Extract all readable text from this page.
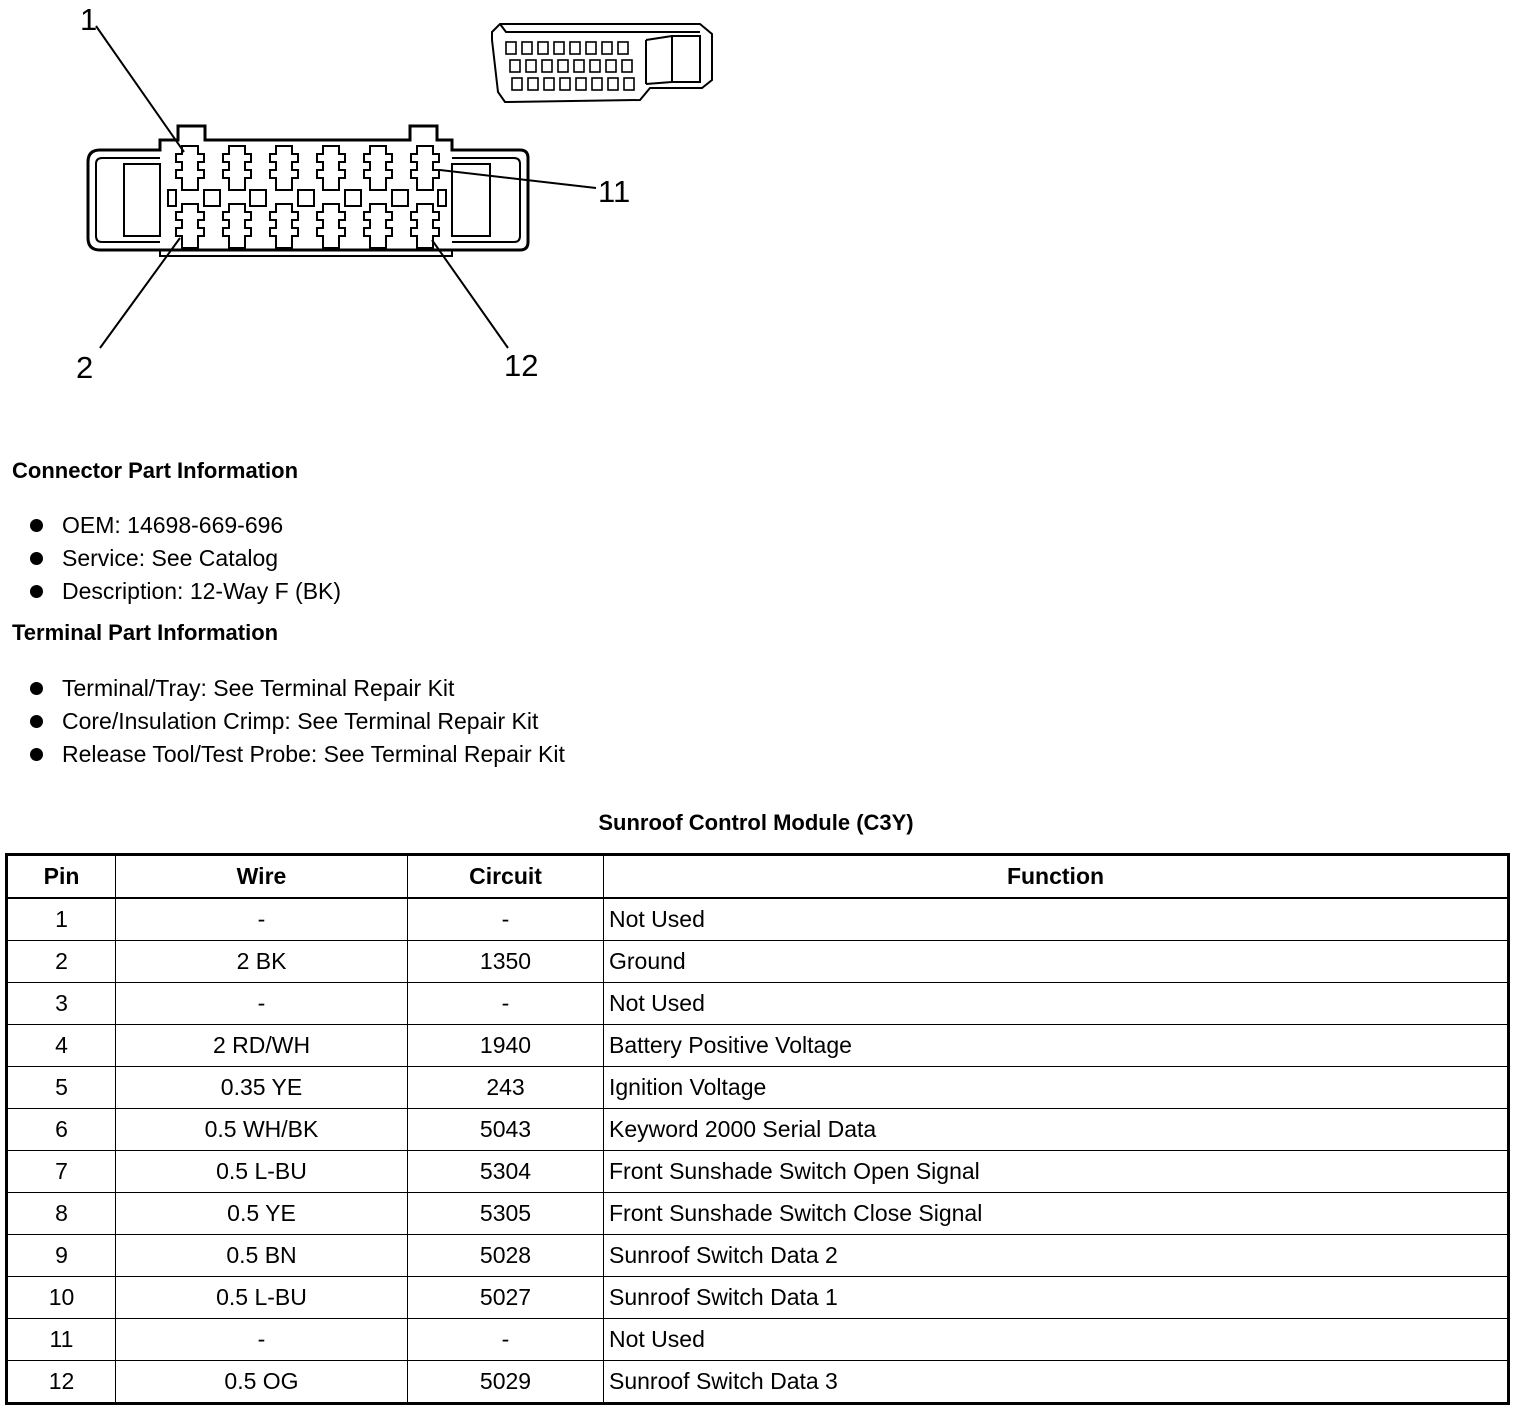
1
11
2	12
Connector Part Information
OEM: 14698-669-696
Service: See Catalog
Description: 12-Way F (BK)
Terminal Part Information
Terminal/Tray: See Terminal Repair Kit
Core/Insulation Crimp: See Terminal Repair Kit
Release Tool/Test Probe: See Terminal Repair Kit
Sunroof Control Module (C3Y)
Pin	Wire	Circuit	Function
1	-	-	Not Used
2	2 BK	1350	Ground
3	-	-	Not Used
4	2 RD/WH	1940	Battery Positive Voltage
5	0.35 YE	243	Ignition Voltage
6	0.5 WH/BK	5043	Keyword 2000 Serial Data
7	0.5 L-BU	5304	Front Sunshade Switch Open Signal
8	0.5 YE	5305	Front Sunshade Switch Close Signal
9	0.5 BN	5028	Sunroof Switch Data 2
10	0.5 L-BU	5027	Sunroof Switch Data 1
11	-	-	Not Used
12	0.5 OG	5029	Sunroof Switch Data 3
